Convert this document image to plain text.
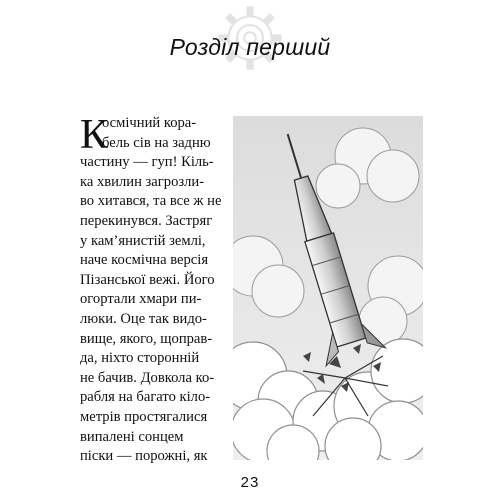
Розділ перший
К
осмічний кора-
бель сів на задню
частину — гуп! Кіль-
ка хвилин загрозли-
во хитався, та все ж не
перекинувся. Застряг
у кам’янистій землі,
наче космічна версія
Пізанської вежі. Його
огортали хмари пи-
люки. Оце так видо-
вище, якого, щоправ-
да, ніхто сторонній
не бачив. Довкола ко-
рабля на багато кіло-
метрів простягалися
випалені сонцем
піски — порожні, як
23
